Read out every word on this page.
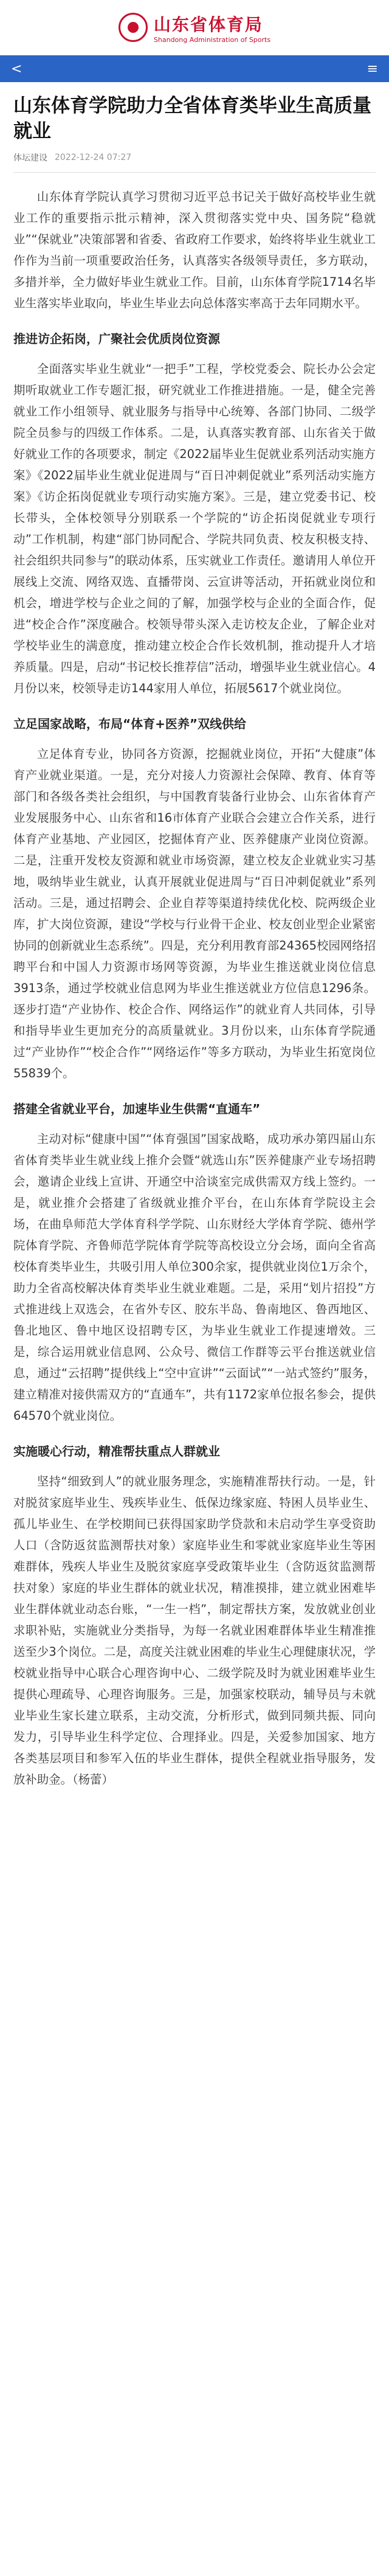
山东省体育局
Shandong Administration of Sports
<	≡
山东体育学院助力全省体育类毕业生高质量就业
体坛建设 2022-12-24 07:27

山东体育学院认真学习贯彻习近平总书记关于做好高校毕业生就业工作的重要指示批示精神，深入贯彻落实党中央、国务院“稳就业”“保就业”决策部署和省委、省政府工作要求，始终将毕业生就业工作作为当前一项重要政治任务，认真落实各级领导责任，多方联动，多措并举，全力做好毕业生就业工作。目前，山东体育学院1714名毕业生落实毕业取向，毕业生毕业去向总体落实率高于去年同期水平。

推进访企拓岗，广聚社会优质岗位资源

全面落实毕业生就业“一把手”工程，学校党委会、院长办公会定期听取就业工作专题汇报，研究就业工作推进措施。一是，健全完善就业工作小组领导、就业服务与指导中心统筹、各部门协同、二级学院全员参与的四级工作体系。二是，认真落实教育部、山东省关于做好就业工作的各项要求，制定《2022届毕业生促就业系列活动实施方案》《2022届毕业生就业促进周与“百日冲刺促就业”系列活动实施方案》《访企拓岗促就业专项行动实施方案》。三是，建立党委书记、校长带头，全体校领导分别联系一个学院的“访企拓岗促就业专项行动”工作机制，构建“部门协同配合、学院共同负责、校友积极支持、社会组织共同参与”的联动体系，压实就业工作责任。邀请用人单位开展线上交流、网络双选、直播带岗、云宣讲等活动，开拓就业岗位和机会，增进学校与企业之间的了解，加强学校与企业的全面合作，促进“校企合作”深度融合。校领导带头深入走访校友企业，了解企业对学校毕业生的满意度，推动建立校企合作长效机制，推动提升人才培养质量。四是，启动“书记校长推荐信”活动，增强毕业生就业信心。4月份以来，校领导走访144家用人单位，拓展5617个就业岗位。

立足国家战略，布局“体育+医养”双线供给

立足体育专业，协同各方资源，挖掘就业岗位，开拓“大健康”体育产业就业渠道。一是，充分对接人力资源社会保障、教育、体育等部门和各级各类社会组织，与中国教育装备行业协会、山东省体育产业发展服务中心、山东省和16市体育产业联合会建立合作关系，进行体育产业基地、产业园区，挖掘体育产业、医养健康产业岗位资源。二是，注重开发校友资源和就业市场资源，建立校友企业就业实习基地，吸纳毕业生就业，认真开展就业促进周与“百日冲刺促就业”系列活动。三是，通过招聘会、企业自荐等渠道持续优化校、院两级企业库，扩大岗位资源，建设“学校与行业骨干企业、校友创业型企业紧密协同的创新就业生态系统”。四是，充分利用教育部24365校园网络招聘平台和中国人力资源市场网等资源，为毕业生推送就业岗位信息3913条，通过学校就业信息网为毕业生推送就业方位信息1296条。逐步打造“产业协作、校企合作、网络运作”的就业育人共同体，引导和指导毕业生更加充分的高质量就业。3月份以来，山东体育学院通过“产业协作”“校企合作”“网络运作”等多方联动，为毕业生拓宽岗位55839个。

搭建全省就业平台，加速毕业生供需“直通车”

主动对标“健康中国”“体育强国”国家战略，成功承办第四届山东省体育类毕业生就业线上推介会暨“就选山东”医养健康产业专场招聘会，邀请企业线上宣讲、开通空中洽谈室完成供需双方线上签约。一是，就业推介会搭建了省级就业推介平台，在山东体育学院设主会场，在曲阜师范大学体育科学学院、山东财经大学体育学院、德州学院体育学院、齐鲁师范学院体育学院等高校设立分会场，面向全省高校体育类毕业生，共吸引用人单位300余家，提供就业岗位1万余个，助力全省高校解决体育类毕业生就业难题。二是，采用“划片招投”方式推进线上双选会，在省外专区、胶东半岛、鲁南地区、鲁西地区、鲁北地区、鲁中地区设招聘专区，为毕业生就业工作提速增效。三是，综合运用就业信息网、公众号、微信工作群等云平台推送就业信息，通过“云招聘”提供线上“空中宣讲”“云面试”“一站式签约”服务，建立精准对接供需双方的“直通车”，共有1172家单位报名参会，提供64570个就业岗位。

实施暖心行动，精准帮扶重点人群就业

坚持“细致到人”的就业服务理念，实施精准帮扶行动。一是，针对脱贫家庭毕业生、残疾毕业生、低保边缘家庭、特困人员毕业生、孤儿毕业生、在学校期间已获得国家助学贷款和未启动学生享受资助人口（含防返贫监测帮扶对象）家庭毕业生和零就业家庭毕业生等困难群体，残疾人毕业生及脱贫家庭享受政策毕业生（含防返贫监测帮扶对象）家庭的毕业生群体的就业状况，精准摸排，建立就业困难毕业生群体就业动态台账，“一生一档”，制定帮扶方案，发放就业创业求职补贴，实施就业分类指导，为每一名就业困难群体毕业生精准推送至少3个岗位。二是，高度关注就业困难的毕业生心理健康状况，学校就业指导中心联合心理咨询中心、二级学院及时为就业困难毕业生提供心理疏导、心理咨询服务。三是，加强家校联动，辅导员与未就业毕业生家长建立联系，主动交流，分析形式，做到同频共振、同向发力，引导毕业生科学定位、合理择业。四是，关爱参加国家、地方各类基层项目和参军入伍的毕业生群体，提供全程就业指导服务，发放补助金。（杨蕾）
